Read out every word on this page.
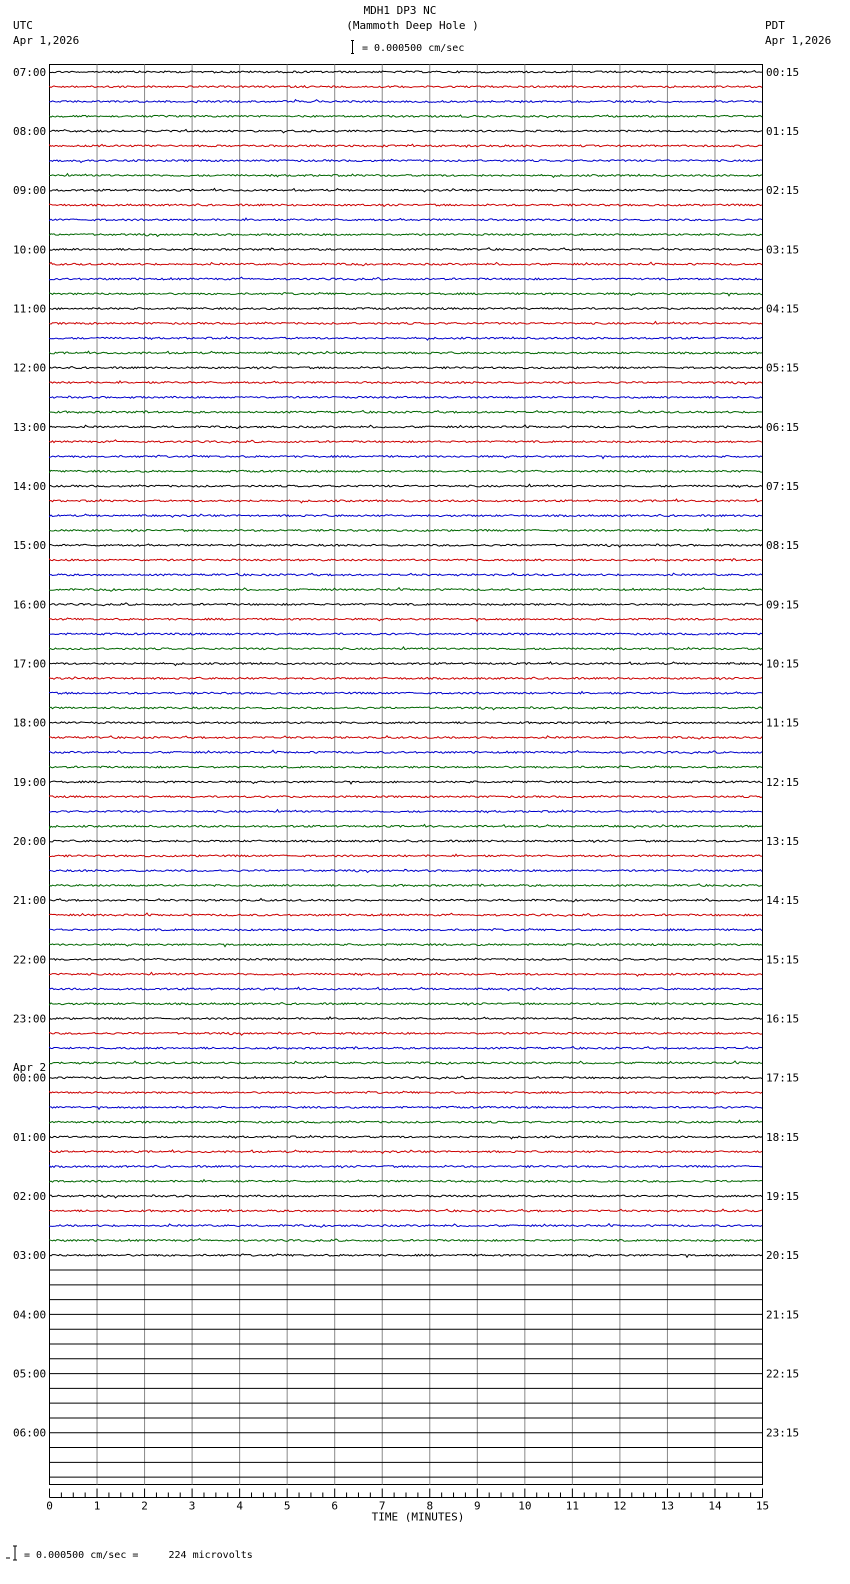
MDH1 DP3 NC
(Mammoth Deep Hole )
= 0.000500 cm/sec
UTC
Apr 1,2026
PDT
Apr 1,2026
07:00
08:00
09:00
10:00
11:00
12:00
13:00
14:00
15:00
16:00
17:00
18:00
19:00
20:00
21:00
22:00
23:00
00:00
01:00
02:00
03:00
04:00
05:00
06:00
00:15
01:15
02:15
03:15
04:15
05:15
06:15
07:15
08:15
09:15
10:15
11:15
12:15
13:15
14:15
15:15
16:15
17:15
18:15
19:15
20:15
21:15
22:15
23:15
0	1	2	3	4	5	6	7	8	9	10	11	12	13	14	15
TIME (MINUTES)
Apr 2
= 0.000500 cm/sec =     224 microvolts
